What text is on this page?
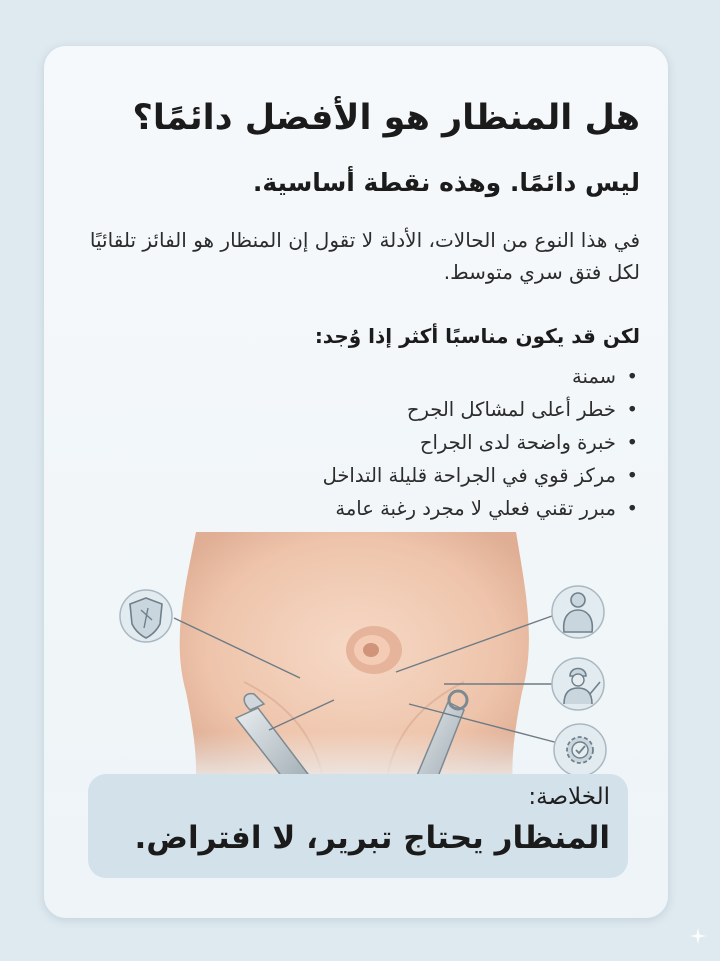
هل المنظار هو الأفضل دائمًا؟
ليس دائمًا. وهذه نقطة أساسية.

في هذا النوع من الحالات، الأدلة لا تقول إن المنظار هو الفائز تلقائيًا لكل فتق سري متوسط.

لكن قد يكون مناسبًا أكثر إذا وُجد:

• سمنة
• خطر أعلى لمشاكل الجرح
• خبرة واضحة لدى الجراح
• مركز قوي في الجراحة قليلة التداخل
• مبرر تقني فعلي لا مجرد رغبة عامة

الخلاصة:

المنظار يحتاج تبرير، لا افتراض.
